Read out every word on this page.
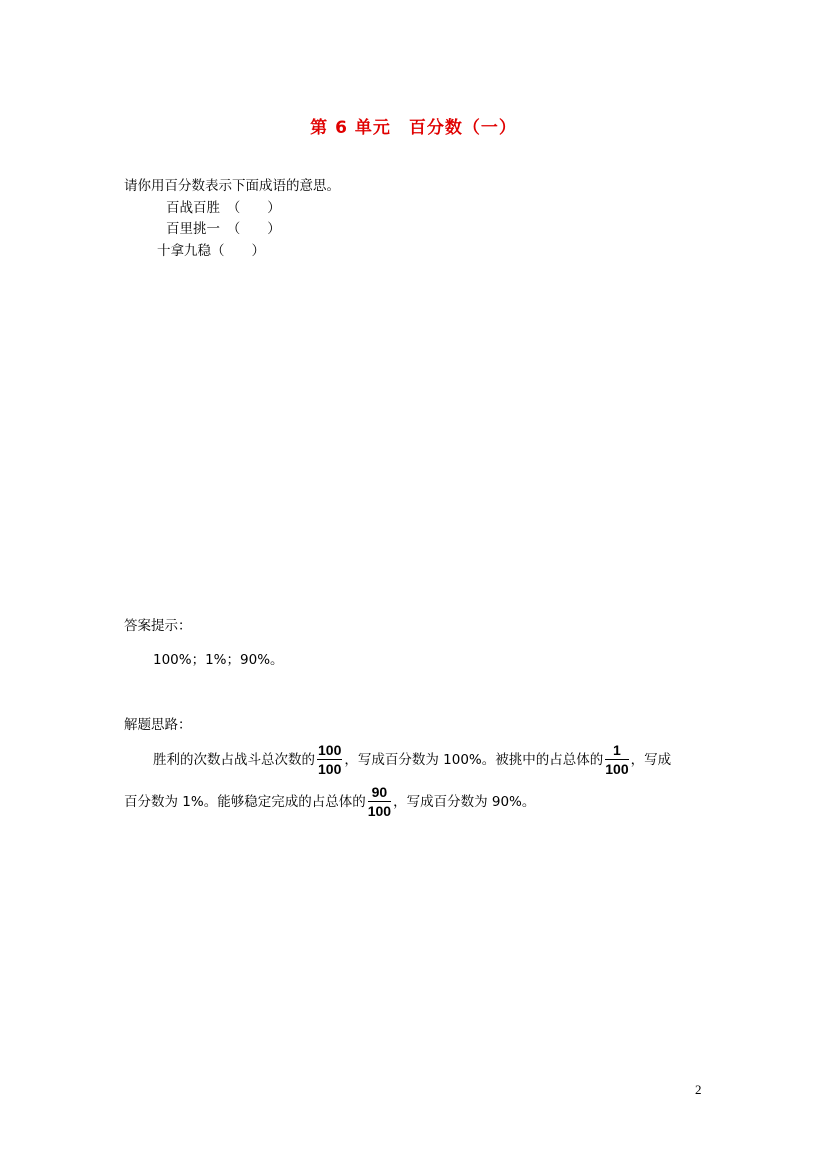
第 6 单元　百分数（一）
请你用百分数表示下面成语的意思。
百战百胜　（　　）
百里挑一　（　　）
十拿九稳（　　）
答案提示：
100%；1%；90%。
解题思路：
胜利的次数占战斗总次数的 $\frac{100}{100}$ ，写成百分数为 100%。被挑中的占总体的 $\frac{1}{100}$ ，写成
百分数为 1%。能够稳定完成的占总体的 $\frac{90}{100}$ ，写成百分数为 90%。
2
